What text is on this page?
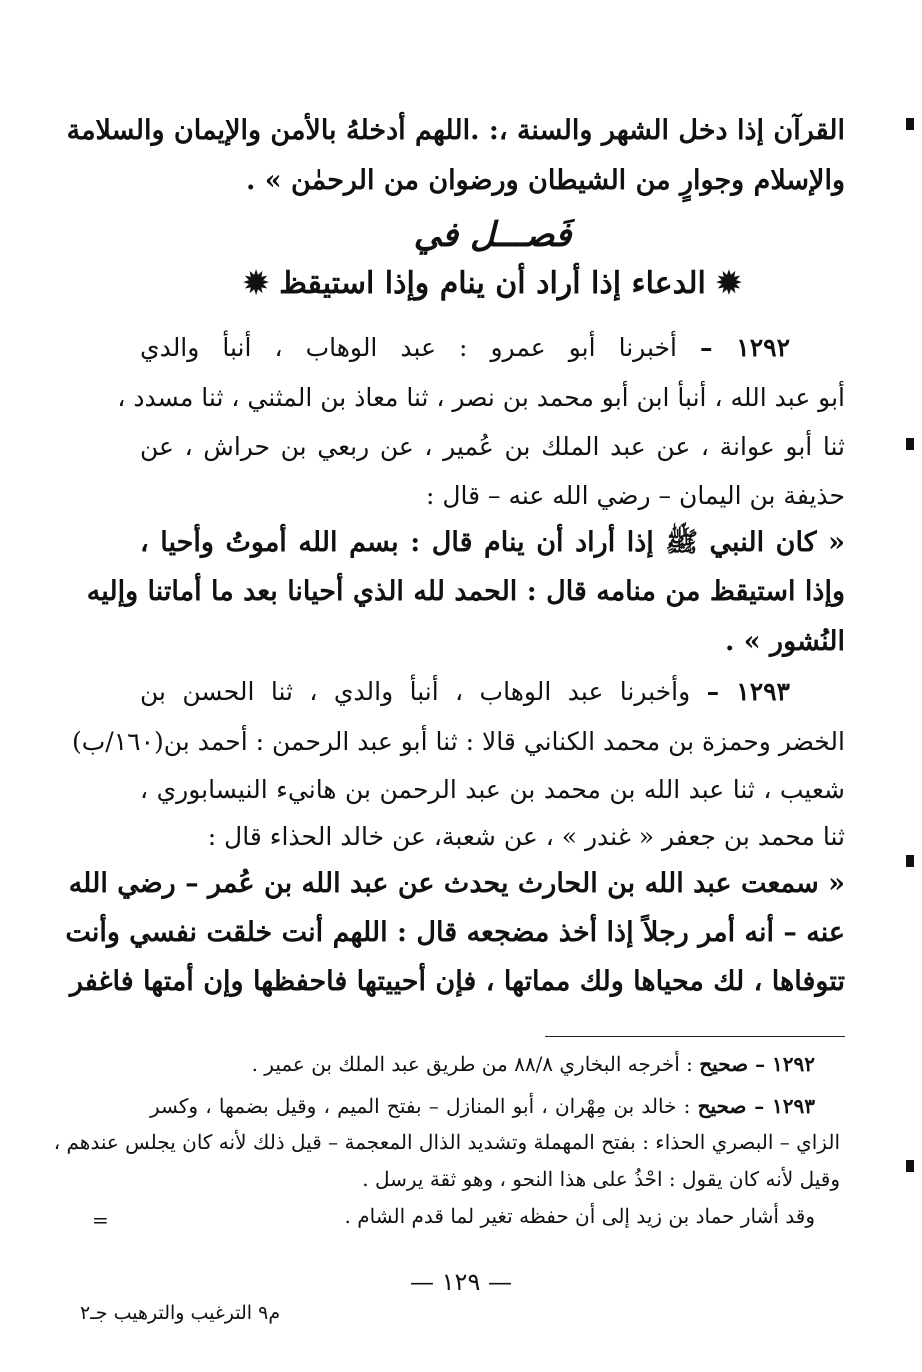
القرآن إذا دخل الشهر والسنة ،: .اللهم أدخلهُ بالأمن والإيمان والسلامة
والإسلام وجوارٍ من الشيطان ورضوان من الرحمٰن » .
فَصـــل في
✹ الدعاء إذا أراد أن ينام وإذا استيقظ ✹
١٢٩٢ – أخبرنا أبو عمرو : عبد الوهاب ، أنبأ والدي
أبو عبد الله ، أنبأ ابن أبو محمد بن نصر ، ثنا معاذ بن المثني ، ثنا مسدد ،
ثنا أبو عوانة ، عن عبد الملك بن عُمير ، عن ربعي بن حراش ، عن
حذيفة بن اليمان – رضي الله عنه – قال :
« كان النبي ﷺ إذا أراد أن ينام قال : بسم الله أموتُ وأحيا ،
وإذا استيقظ من منامه قال : الحمد لله الذي أحيانا بعد ما أماتنا وإليه
النُشور » .
١٢٩٣ – وأخبرنا عبد الوهاب ، أنبأ والدي ، ثنا الحسن بن
الخضر وحمزة بن محمد الكناني قالا : ثنا أبو عبد الرحمن : أحمد بن(١٦٠/ب)
شعيب ، ثنا عبد الله بن محمد بن عبد الرحمن بن هانيء النيسابوري ،
ثنا محمد بن جعفر « غندر » ، عن شعبة، عن خالد الحذاء قال :
« سمعت عبد الله بن الحارث يحدث عن عبد الله بن عُمر – رضي الله
عنه – أنه أمر رجلاً إذا أخذ مضجعه قال : اللهم أنت خلقت نفسي وأنت
تتوفاها ، لك محياها ولك مماتها ، فإن أحييتها فاحفظها وإن أمتها فاغفر
١٢٩٢ – صحيح : أخرجه البخاري ٨٨/٨ من طريق عبد الملك بن عمير .
١٢٩٣ – صحيح : خالد بن مِهْران ، أبو المنازل – بفتح الميم ، وقيل بضمها ، وكسر
الزاي – البصري الحذاء : بفتح المهملة وتشديد الذال المعجمة – قيل ذلك لأنه كان يجلس عندهم ،
وقيل لأنه كان يقول : احْذُ على هذا النحو ، وهو ثقة يرسل .
وقد أشار حماد بن زيد إلى أن حفظه تغير لما قدم الشام .
=
— ١٢٩ —
م٩ الترغيب والترهيب جـ٢
